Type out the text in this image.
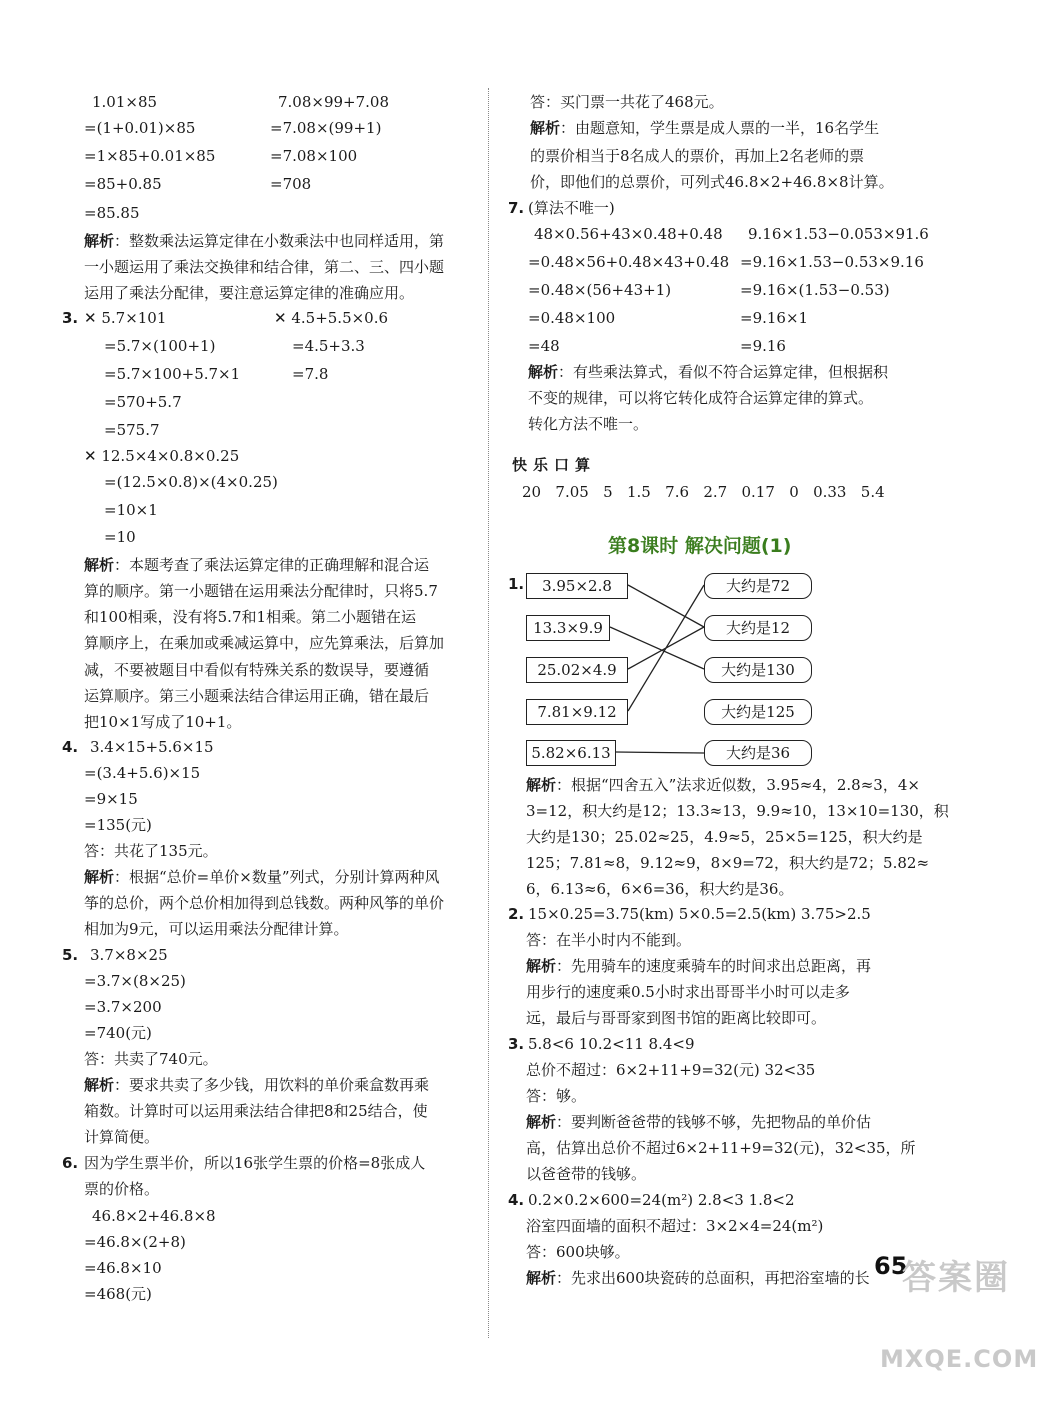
1.01×85	7.08×99+7.08
=(1+0.01)×85	=7.08×(99+1)
=1×85+0.01×85	=7.08×100
=85+0.85	=708
=85.85
解析：整数乘法运算定律在小数乘法中也同样适用，第
一小题运用了乘法交换律和结合律，第二、三、四小题
运用了乘法分配律，要注意运算定律的准确应用。
3. ✕ 5.7×101	✕ 4.5+5.5×0.6
=5.7×(100+1)	=4.5+3.3
=5.7×100+5.7×1	=7.8
=570+5.7
=575.7
✕ 12.5×4×0.8×0.25
=(12.5×0.8)×(4×0.25)
=10×1
=10
解析：本题考查了乘法运算定律的正确理解和混合运
算的顺序。第一小题错在运用乘法分配律时，只将5.7
和100相乘，没有将5.7和1相乘。第二小题错在运
算顺序上，在乘加或乘减运算中，应先算乘法，后算加
减，不要被题目中看似有特殊关系的数误导，要遵循
运算顺序。第三小题乘法结合律运用正确，错在最后
把10×1写成了10+1。
4. 3.4×15+5.6×15
=(3.4+5.6)×15
=9×15
=135(元)
答：共花了135元。
解析：根据“总价=单价×数量”列式，分别计算两种风
筝的总价，两个总价相加得到总钱数。两种风筝的单价
相加为9元，可以运用乘法分配律计算。
5. 3.7×8×25
=3.7×(8×25)
=3.7×200
=740(元)
答：共卖了740元。
解析：要求共卖了多少钱，用饮料的单价乘盒数再乘
箱数。计算时可以运用乘法结合律把8和25结合，使
计算简便。
6. 因为学生票半价，所以16张学生票的价格=8张成人
票的价格。
46.8×2+46.8×8
=46.8×(2+8)
=46.8×10
=468(元)
答：买门票一共花了468元。
解析：由题意知，学生票是成人票的一半，16名学生
的票价相当于8名成人的票价，再加上2名老师的票
价，即他们的总票价，可列式46.8×2+46.8×8计算。
7. (算法不唯一)
48×0.56+43×0.48+0.48 9.16×1.53−0.053×91.6
=0.48×56+0.48×43+0.48 =9.16×1.53−0.53×9.16
=0.48×(56+43+1)	=9.16×(1.53−0.53)
=0.48×100	=9.16×1
=48	=9.16
解析：有些乘法算式，看似不符合运算定律，但根据积
不变的规律，可以将它转化成符合运算定律的算式。
转化方法不唯一。
快乐口算
20 7.05 5 1.5 7.6 2.7 0.17 0 0.33 5.4
第8课时 解决问题(1)
1.	3.95×2.8
13.3×9.9
25.02×4.9
7.81×9.12
5.82×6.13
大约是72
大约是12
大约是130
大约是125
大约是36
解析：根据“四舍五入”法求近似数，3.95≈4，2.8≈3，4×
3=12，积大约是12；13.3≈13，9.9≈10，13×10=130，积
大约是130；25.02≈25，4.9≈5，25×5=125，积大约是
125；7.81≈8，9.12≈9，8×9=72，积大约是72；5.82≈
6，6.13≈6，6×6=36，积大约是36。
2. 15×0.25=3.75(km) 5×0.5=2.5(km) 3.75>2.5
答：在半小时内不能到。
解析：先用骑车的速度乘骑车的时间求出总距离，再
用步行的速度乘0.5小时求出哥哥半小时可以走多
远，最后与哥哥家到图书馆的距离比较即可。
3. 5.8<6 10.2<11 8.4<9
总价不超过：6×2+11+9=32(元) 32<35
答：够。
解析：要判断爸爸带的钱够不够，先把物品的单价估
高，估算出总价不超过6×2+11+9=32(元)，32<35，所
以爸爸带的钱够。
4. 0.2×0.2×600=24(m²) 2.8<3 1.8<2
浴室四面墙的面积不超过：3×2×4=24(m²)
答：600块够。
解析：先求出600块瓷砖的总面积，再把浴室墙的长 65
答案圈
MXQE.COM
